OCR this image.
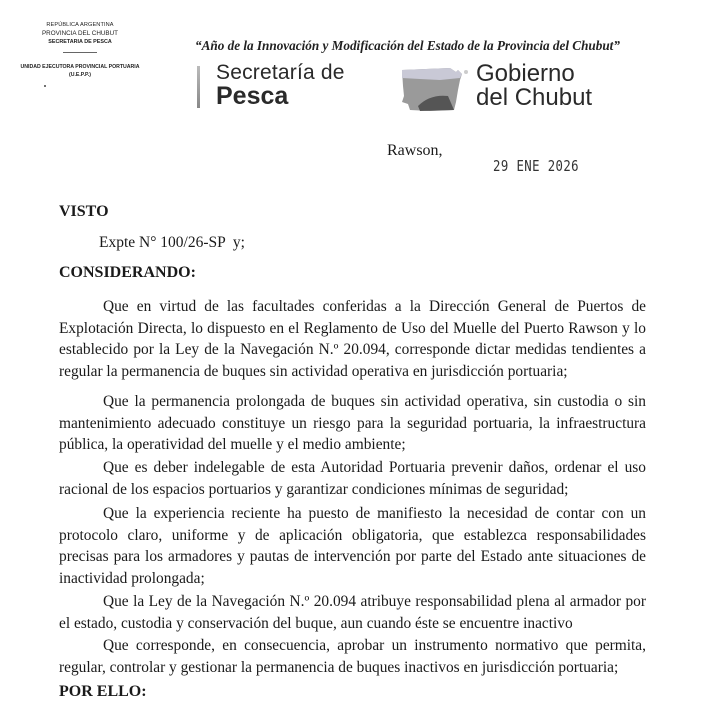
REPÚBLICA ARGENTINA
PROVINCIA DEL CHUBUT
SECRETARIA DE PESCA
UNIDAD EJECUTORA PROVINCIAL PORTUARIA
(U.E.P.P.)
“Año de la Innovación y Modificación del Estado de la Provincia del Chubut”
Secretaría de
Pesca
Gobierno
del Chubut
Rawson,
29 ENE 2026
VISTO
Expte N° 100/26-SP  y;
CONSIDERANDO:
Que en virtud de las facultades conferidas a la Dirección General de Puertos de Explotación Directa, lo dispuesto en el Reglamento de Uso del Muelle del Puerto Rawson y lo establecido por la Ley de la Navegación N.º 20.094, corresponde dictar medidas tendientes a regular la permanencia de buques sin actividad operativa en jurisdicción portuaria;
Que la permanencia prolongada de buques sin actividad operativa, sin custodia o sin mantenimiento adecuado constituye un riesgo para la seguridad portuaria, la infraestructura pública, la operatividad del muelle y el medio ambiente;
Que es deber indelegable de esta Autoridad Portuaria prevenir daños, ordenar el uso racional de los espacios portuarios y garantizar condiciones mínimas de seguridad;
Que la experiencia reciente ha puesto de manifiesto la necesidad de contar con un protocolo claro, uniforme y de aplicación obligatoria, que establezca responsabilidades precisas para los armadores y pautas de intervención por parte del Estado ante situaciones de inactividad prolongada;
Que la Ley de la Navegación N.º 20.094 atribuye responsabilidad plena al armador por el estado, custodia y conservación del buque, aun cuando éste se encuentre inactivo
Que corresponde, en consecuencia, aprobar un instrumento normativo que permita, regular, controlar y gestionar la permanencia de buques inactivos en jurisdicción portuaria;
POR ELLO:
